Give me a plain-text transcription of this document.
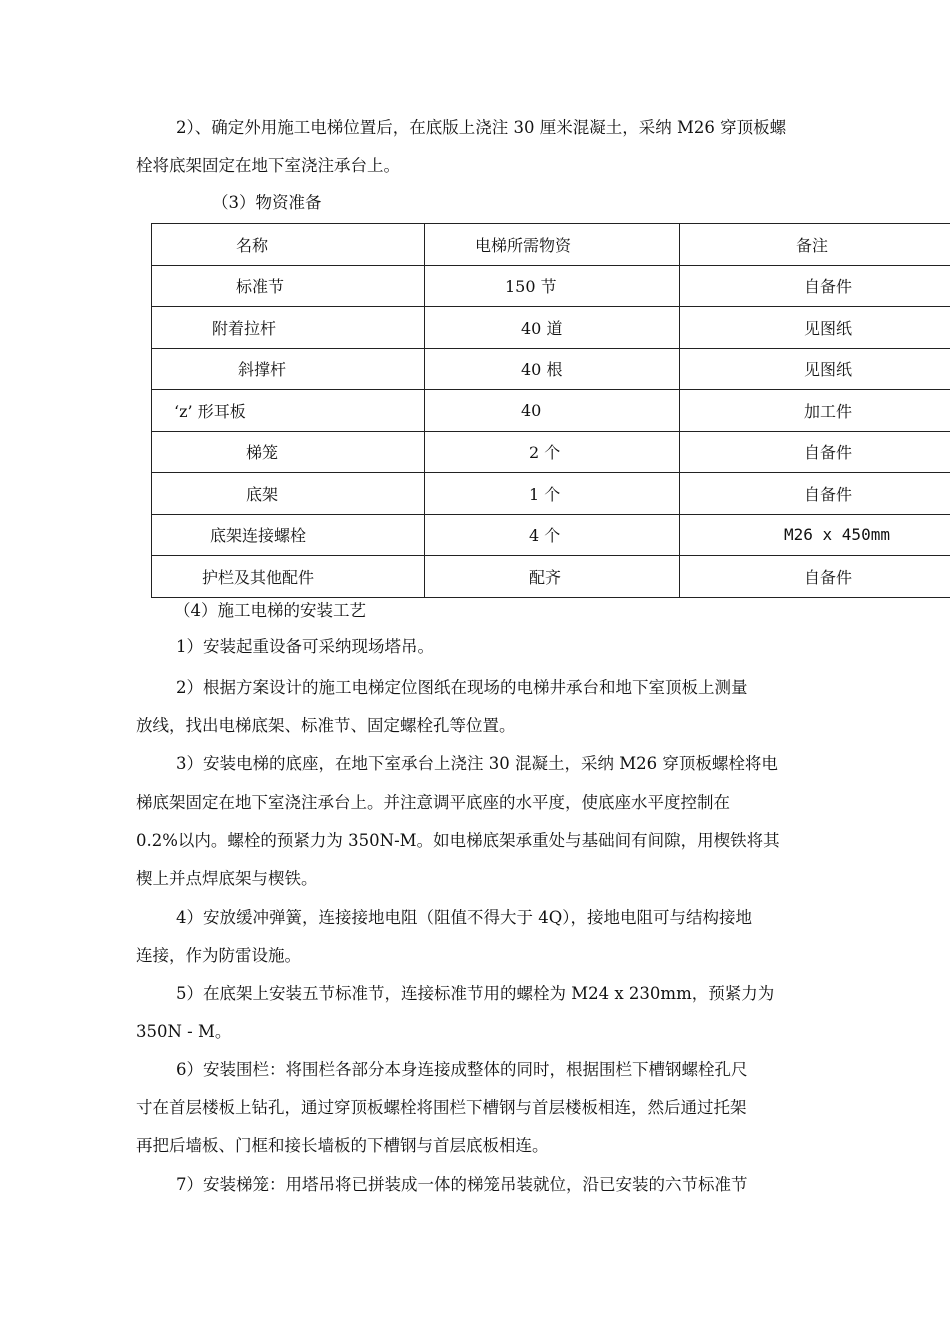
2）、确定外用施工电梯位置后，在底版上浇注 30 厘米混凝土，采纳 M26 穿顶板螺
栓将底架固定在地下室浇注承台上。
（3）物资准备
名称	电梯所需物资	备注
标准节	150 节	自备件
附着拉杆	40 道	见图纸
斜撑杆	40 根	见图纸
‘z’ 形耳板	40	加工件
梯笼	2 个	自备件
底架	1 个	自备件
底架连接螺栓	4 个	M26 x 450mm
护栏及其他配件	配齐	自备件
（4）施工电梯的安装工艺
1）安装起重设备可采纳现场塔吊。
2）根据方案设计的施工电梯定位图纸在现场的电梯井承台和地下室顶板上测量
放线，找出电梯底架、标准节、固定螺栓孔等位置。
3）安装电梯的底座，在地下室承台上浇注 30 混凝土，采纳 M26 穿顶板螺栓将电
梯底架固定在地下室浇注承台上。并注意调平底座的水平度，使底座水平度控制在
0.2%以内。螺栓的预紧力为 350N-M。如电梯底架承重处与基础间有间隙，用楔铁将其
楔上并点焊底架与楔铁。
4）安放缓冲弹簧，连接接地电阻（阻值不得大于 4Q），接地电阻可与结构接地
连接，作为防雷设施。
5）在底架上安装五节标准节，连接标准节用的螺栓为 M24 x 230mm，预紧力为
350N - M。
6）安装围栏：将围栏各部分本身连接成整体的同时，根据围栏下槽钢螺栓孔尺
寸在首层楼板上钻孔，通过穿顶板螺栓将围栏下槽钢与首层楼板相连，然后通过托架
再把后墙板、门框和接长墙板的下槽钢与首层底板相连。
7）安装梯笼：用塔吊将已拼装成一体的梯笼吊装就位，沿已安装的六节标准节
